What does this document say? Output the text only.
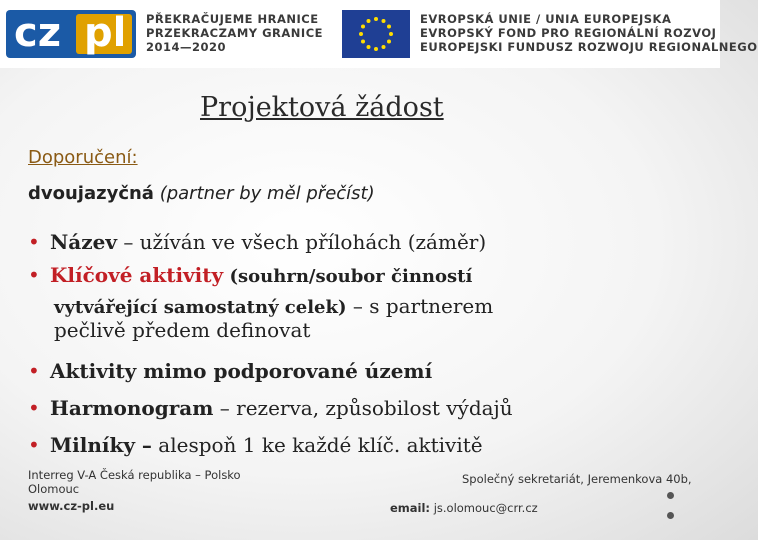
cz pl PŘEKRAČUJEME HRANICE
PRZEKRACZAMY GRANICE
2014—2020
EVROPSKÁ UNIE / UNIA EUROPEJSKA
EVROPSKÝ FOND PRO REGIONÁLNÍ ROZVOJ
EUROPEJSKI FUNDUSZ ROZWOJU REGIONALNEGO
Projektová žádost
Doporučení:
dvoujazyčná (partner by měl přečíst)
• Název – užíván ve všech přílohách (záměr)
• Klíčové aktivity (souhrn/soubor činností
vytvářející samostatný celek) – s partnerem
pečlivě předem definovat
• Aktivity mimo podporované území
• Harmonogram – rezerva, způsobilost výdajů
• Milníky – alespoň 1 ke každé klíč. aktivitě
Interreg V-A Česká republika – Polsko
Olomouc
www.cz-pl.eu
Společný sekretariát, Jeremenkova 40b,
email: js.olomouc@crr.cz
